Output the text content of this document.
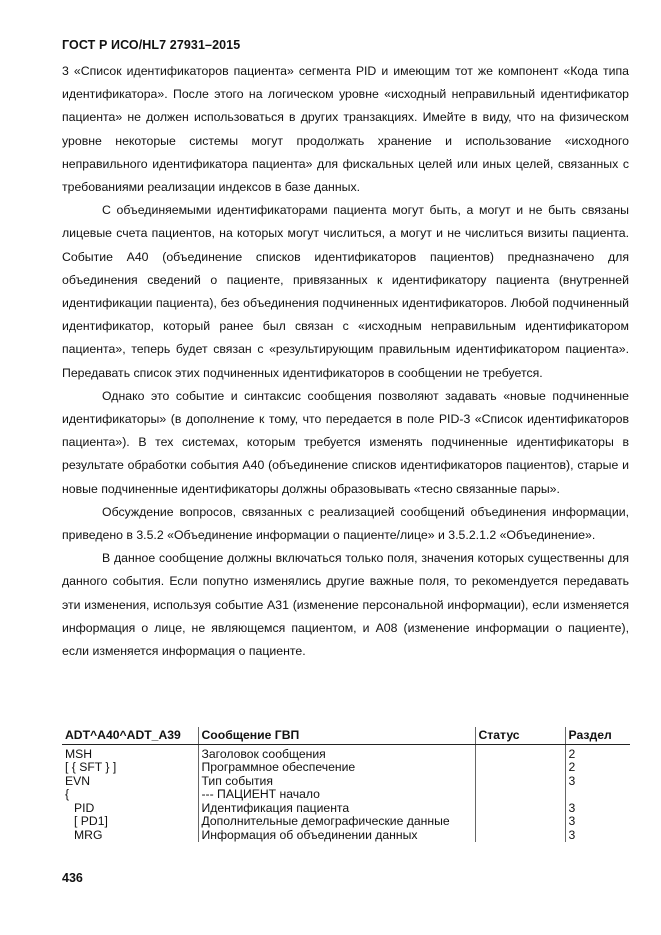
ГОСТ Р ИСО/HL7 27931–2015

3 «Список идентификаторов пациента» сегмента PID и имеющим тот же компонент «Кода типа идентификатора». После этого на логическом уровне «исходный неправильный идентификатор пациента» не должен использоваться в других транзакциях. Имейте в виду, что на физическом уровне некоторые системы могут продолжать хранение и использование «исходного неправильного идентификатора пациента» для фискальных целей или иных целей, связанных с требованиями реализации индексов в базе данных.

С объединяемыми идентификаторами пациента могут быть, а могут и не быть связаны лицевые счета пациентов, на которых могут числиться, а могут и не числиться визиты пациента. Событие А40 (объединение списков идентификаторов пациентов) предназначено для объединения сведений о пациенте, привязанных к идентификатору пациента (внутренней идентификации пациента), без объединения подчиненных идентификаторов. Любой подчиненный идентификатор, который ранее был связан с «исходным неправильным идентификатором пациента», теперь будет связан с «результирующим правильным идентификатором пациента». Передавать список этих подчиненных идентификаторов в сообщении не требуется.

Однако это событие и синтаксис сообщения позволяют задавать «новые подчиненные идентификаторы» (в дополнение к тому, что передается в поле PID-3 «Список идентификаторов пациента»). В тех системах, которым требуется изменять подчиненные идентификаторы в результате обработки события А40 (объединение списков идентификаторов пациентов), старые и новые подчиненные идентификаторы должны образовывать «тесно связанные пары».

Обсуждение вопросов, связанных с реализацией сообщений объединения информации, приведено в 3.5.2 «Объединение информации о пациенте/лице» и 3.5.2.1.2 «Объединение».

В данное сообщение должны включаться только поля, значения которых существенны для данного события. Если попутно изменялись другие важные поля, то рекомендуется передавать эти изменения, используя событие А31 (изменение персональной информации), если изменяется информация о лице, не являющемся пациентом, и А08 (изменение информации о пациенте), если изменяется информация о пациенте.

ADT^A40^ADT_A39	Сообщение ГВП	Статус	Раздел
MSH	Заголовок сообщения		2
[ { SFT } ]	Программное обеспечение		2
EVN	Тип события		3
{	--- ПАЦИЕНТ начало		
PID	Идентификация пациента		3
[ PD1]	Дополнительные демографические данные		3
MRG	Информация об объединении данных		3
436
